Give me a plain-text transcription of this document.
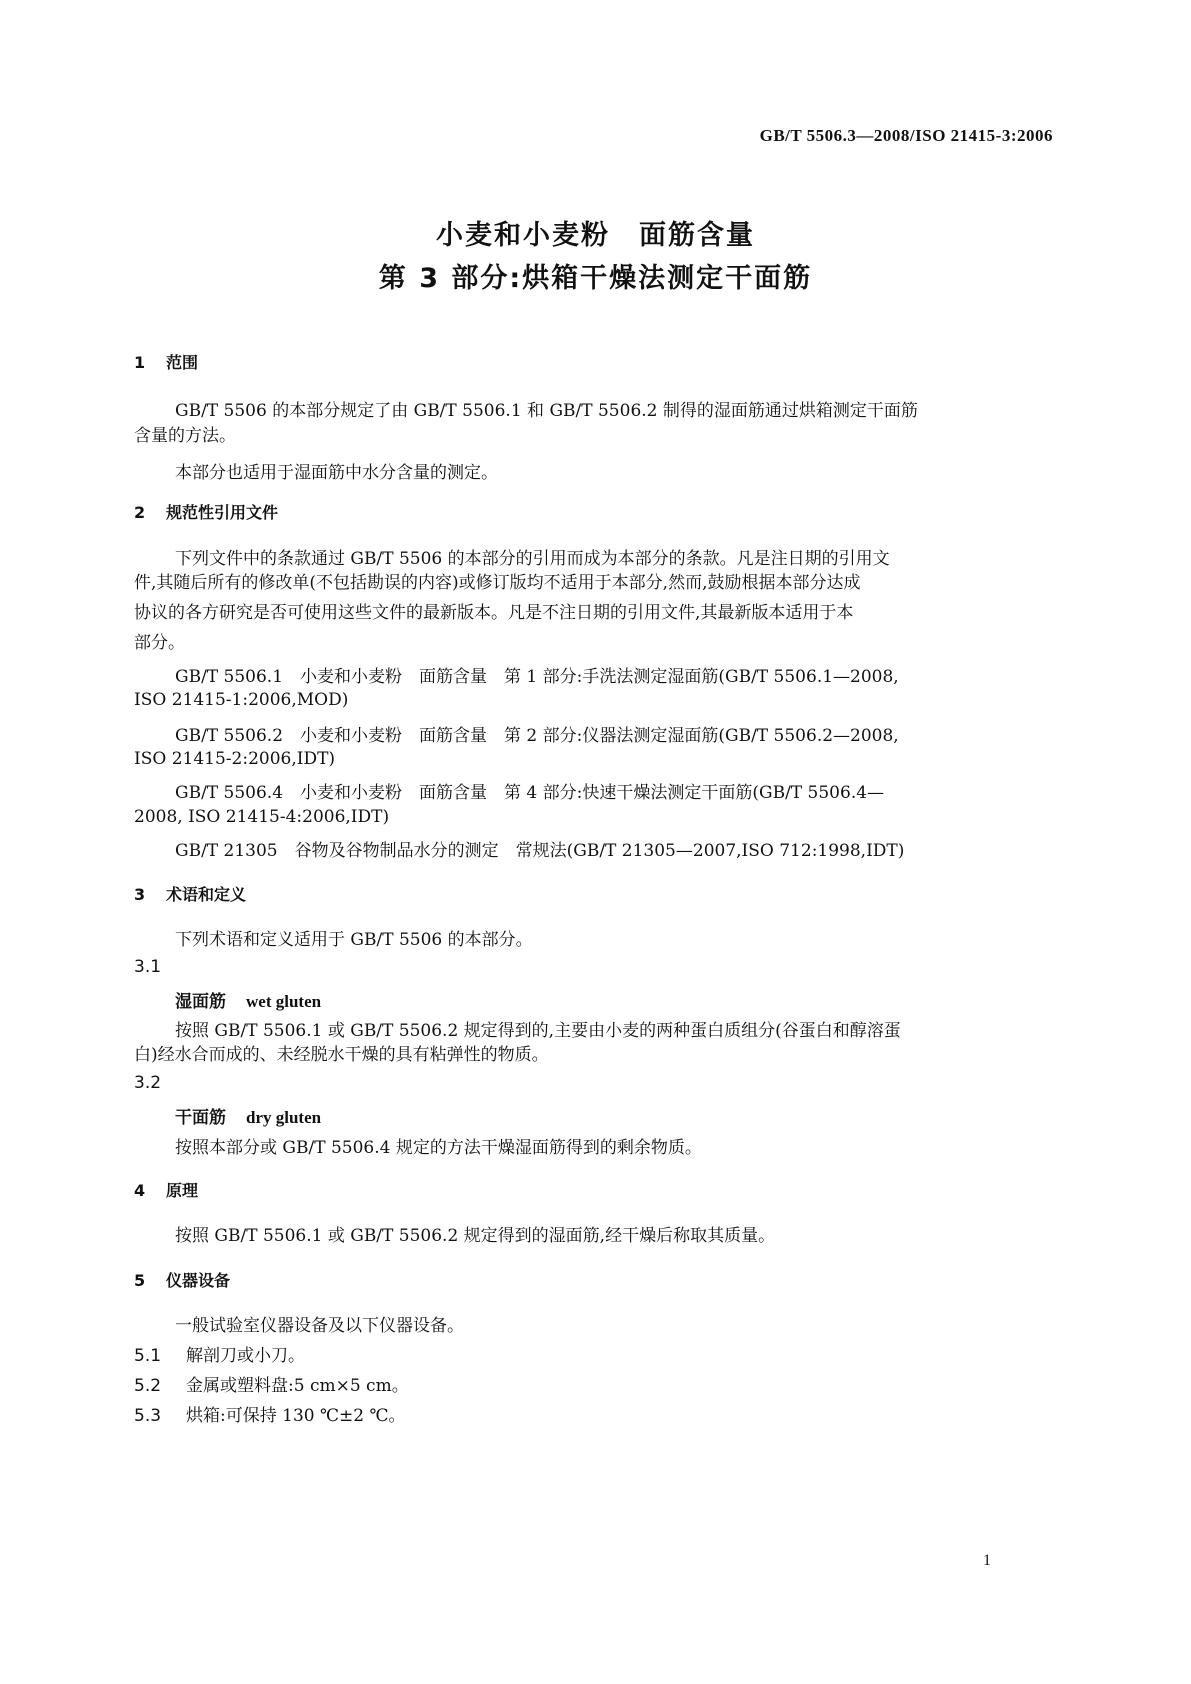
GB/T 5506.3—2008/ISO 21415-3:2006
小麦和小麦粉　面筋含量
第 3 部分:烘箱干燥法测定干面筋
1 范围
GB/T 5506 的本部分规定了由 GB/T 5506.1 和 GB/T 5506.2 制得的湿面筋通过烘箱测定干面筋
含量的方法。
本部分也适用于湿面筋中水分含量的测定。
2 规范性引用文件
下列文件中的条款通过 GB/T 5506 的本部分的引用而成为本部分的条款。凡是注日期的引用文
件,其随后所有的修改单(不包括勘误的内容)或修订版均不适用于本部分,然而,鼓励根据本部分达成
协议的各方研究是否可使用这些文件的最新版本。凡是不注日期的引用文件,其最新版本适用于本
部分。
GB/T 5506.1　小麦和小麦粉　面筋含量　第 1 部分:手洗法测定湿面筋(GB/T 5506.1—2008,
ISO 21415-1:2006,MOD)
GB/T 5506.2　小麦和小麦粉　面筋含量　第 2 部分:仪器法测定湿面筋(GB/T 5506.2—2008,
ISO 21415-2:2006,IDT)
GB/T 5506.4　小麦和小麦粉　面筋含量　第 4 部分:快速干燥法测定干面筋(GB/T 5506.4—
2008, ISO 21415-4:2006,IDT)
GB/T 21305　谷物及谷物制品水分的测定　常规法(GB/T 21305—2007,ISO 712:1998,IDT)
3 术语和定义
下列术语和定义适用于 GB/T 5506 的本部分。
3.1
湿面筋 wet gluten
按照 GB/T 5506.1 或 GB/T 5506.2 规定得到的,主要由小麦的两种蛋白质组分(谷蛋白和醇溶蛋
白)经水合而成的、未经脱水干燥的具有粘弹性的物质。
3.2
干面筋 dry gluten
按照本部分或 GB/T 5506.4 规定的方法干燥湿面筋得到的剩余物质。
4 原理
按照 GB/T 5506.1 或 GB/T 5506.2 规定得到的湿面筋,经干燥后称取其质量。
5 仪器设备
一般试验室仪器设备及以下仪器设备。
5.1 解剖刀或小刀。
5.2 金属或塑料盘:5 cm×5 cm。
5.3 烘箱:可保持 130 ℃±2 ℃。
1
